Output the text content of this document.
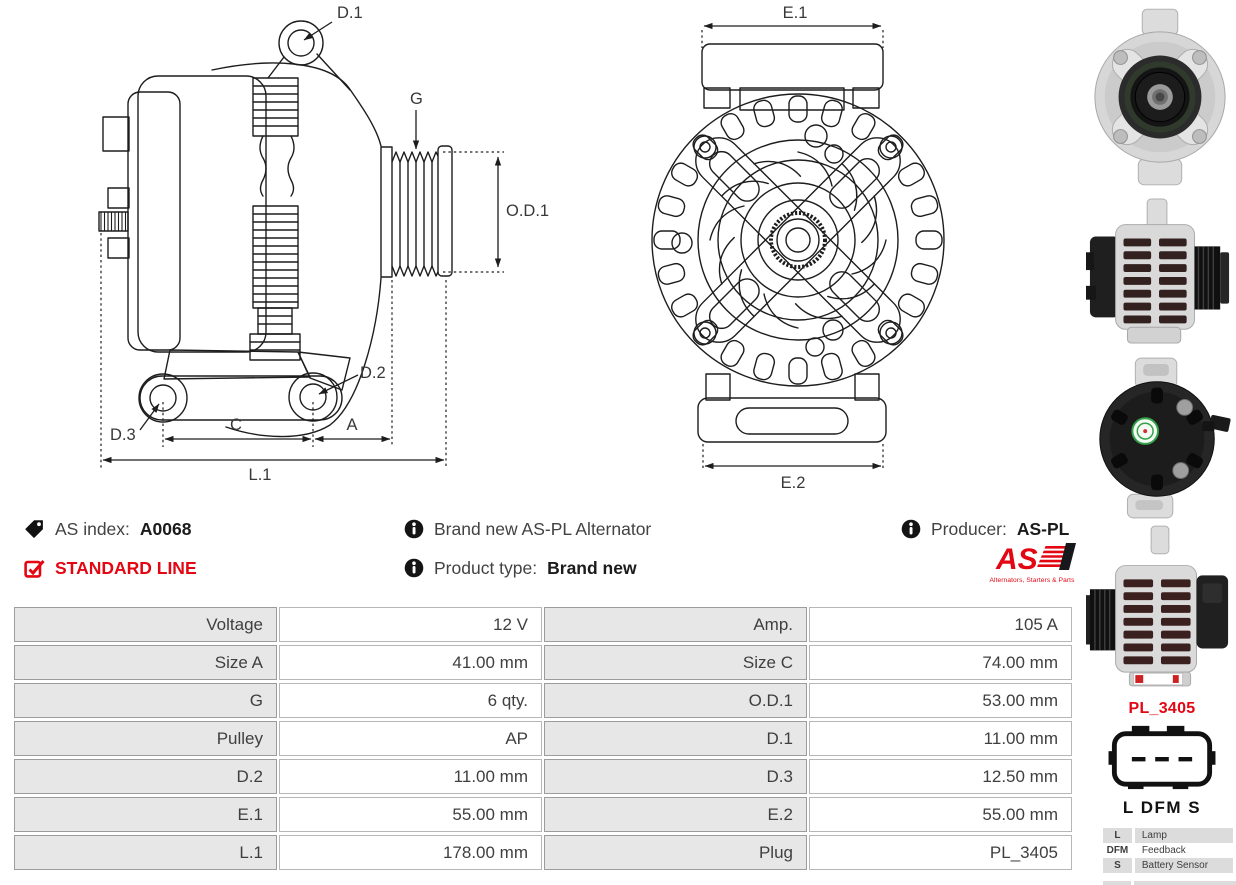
D.1
G
O.D.1
D.2
D.3
C	A
L.1
E.1
E.2
AS index: A0068
STANDARD LINE
Brand new AS-PL Alternator
Product type: Brand new
Producer: AS-PL
AS
Alternators, Starters & Parts
Voltage	12 V	Amp.	105 A
Size A	41.00 mm	Size C	74.00 mm
G	6 qty.	O.D.1	53.00 mm
Pulley	AP	D.1	11.00 mm
D.2	11.00 mm	D.3	12.50 mm
E.1	55.00 mm	E.2	55.00 mm
L.1	178.00 mm	Plug	PL_3405
PL_3405
L DFM S
L	Lamp
DFM	Feedback
S	Battery Sensor
